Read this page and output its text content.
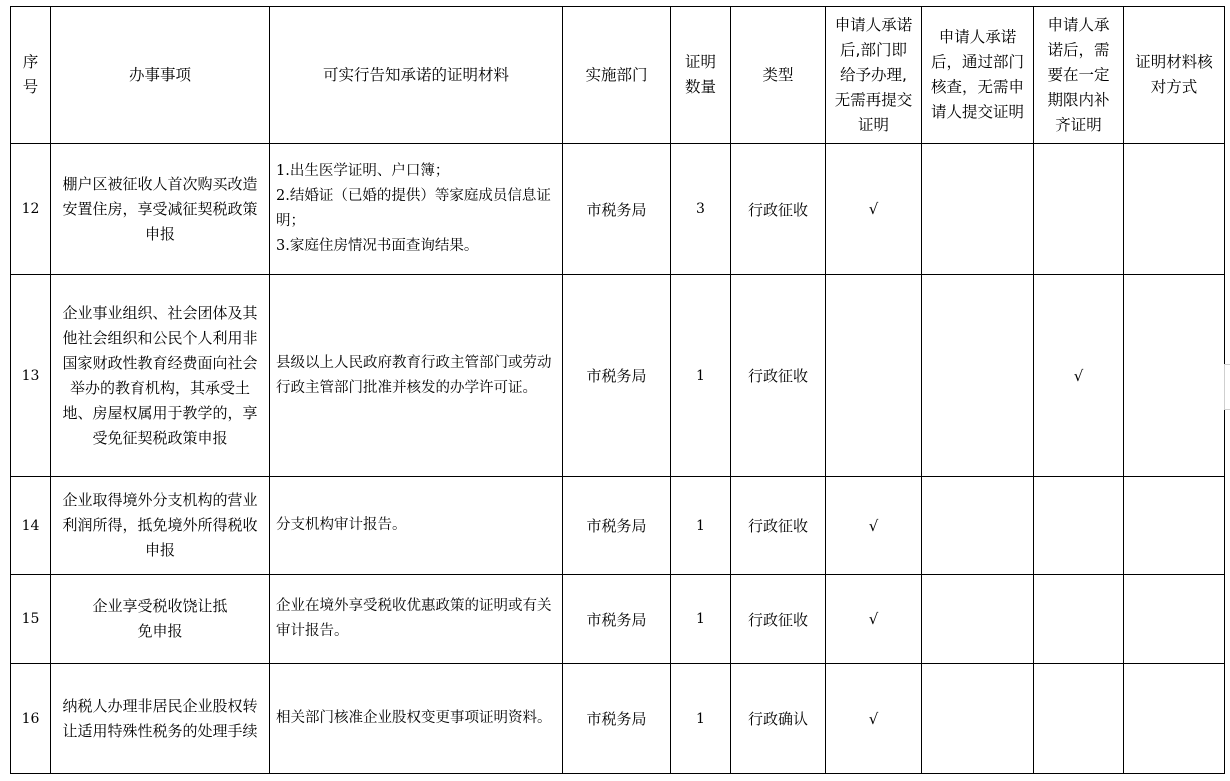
序号	办事事项	可实行告知承诺的证明材料	实施部门	证明数量	类型	申请人承诺后,部门即给予办理,无需再提交证明	申请人承诺后，通过部门核查，无需申请人提交证明	申请人承诺后，需要在一定期限内补齐证明	证明材料核对方式
12	棚户区被征收人首次购买改造安置住房，享受减征契税政策申报	1.出生医学证明、户口簿；
2.结婚证（已婚的提供）等家庭成员信息证明；
3.家庭住房情况书面查询结果。	市税务局	3	行政征收	√			
13	企业事业组织、社会团体及其他社会组织和公民个人利用非国家财政性教育经费面向社会举办的教育机构，其承受土地、房屋权属用于教学的，享受免征契税政策申报	县级以上人民政府教育行政主管部门或劳动行政主管部门批准并核发的办学许可证。	市税务局	1	行政征收			√	
14	企业取得境外分支机构的营业利润所得，抵免境外所得税收申报	分支机构审计报告。	市税务局	1	行政征收	√			
15	企业享受税收饶让抵免申报	企业在境外享受税收优惠政策的证明或有关审计报告。	市税务局	1	行政征收	√			
16	纳税人办理非居民企业股权转让适用特殊性税务的处理手续	相关部门核准企业股权变更事项证明资料。	市税务局	1	行政确认	√			
